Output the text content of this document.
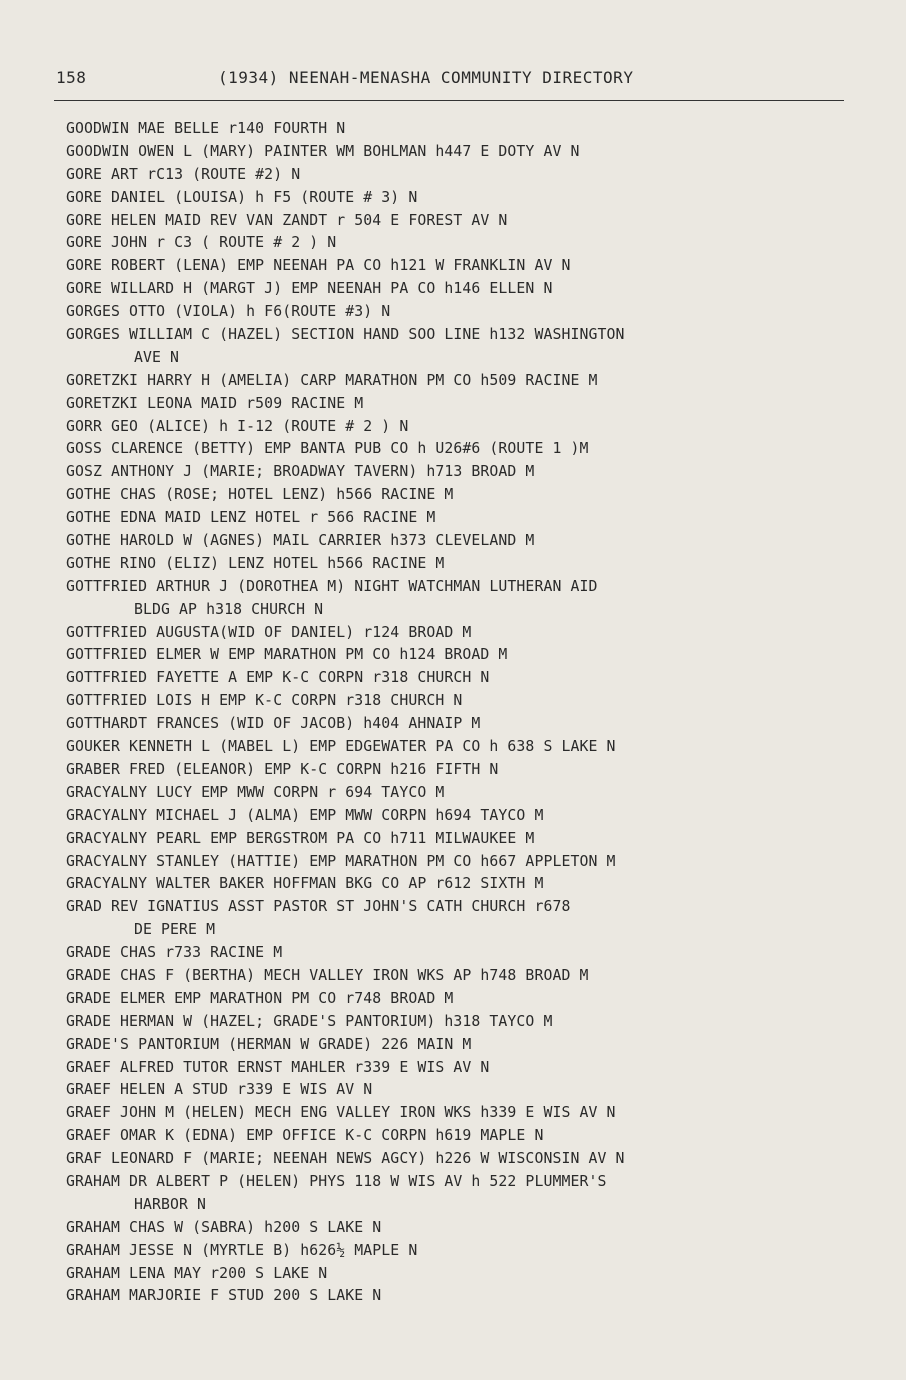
158	(1934) NEENAH-MENASHA COMMUNITY DIRECTORY
GOODWIN MAE BELLE r140 FOURTH N
GOODWIN OWEN L (MARY) PAINTER WM BOHLMAN h447 E DOTY AV N
GORE ART rC13 (ROUTE #2) N
GORE DANIEL (LOUISA) h F5 (ROUTE # 3) N
GORE HELEN MAID REV VAN ZANDT r 504 E FOREST AV N
GORE JOHN r C3 ( ROUTE # 2 ) N
GORE ROBERT (LENA) EMP NEENAH PA CO h121 W FRANKLIN AV N
GORE WILLARD H (MARGT J) EMP NEENAH PA CO h146 ELLEN N
GORGES OTTO (VIOLA) h F6(ROUTE #3) N
GORGES WILLIAM C (HAZEL) SECTION HAND SOO LINE h132 WASHINGTON
AVE N
GORETZKI HARRY H (AMELIA) CARP MARATHON PM CO h509 RACINE M
GORETZKI LEONA MAID r509 RACINE M
GORR GEO (ALICE) h I-12 (ROUTE # 2 ) N
GOSS CLARENCE (BETTY) EMP BANTA PUB CO h U26#6 (ROUTE 1 )M
GOSZ ANTHONY J (MARIE; BROADWAY TAVERN) h713 BROAD M
GOTHE CHAS (ROSE; HOTEL LENZ) h566 RACINE M
GOTHE EDNA MAID LENZ HOTEL r 566 RACINE M
GOTHE HAROLD W (AGNES) MAIL CARRIER h373 CLEVELAND M
GOTHE RINO (ELIZ) LENZ HOTEL h566 RACINE M
GOTTFRIED ARTHUR J (DOROTHEA M) NIGHT WATCHMAN LUTHERAN AID
BLDG AP h318 CHURCH N
GOTTFRIED AUGUSTA(WID OF DANIEL) r124 BROAD M
GOTTFRIED ELMER W EMP MARATHON PM CO h124 BROAD M
GOTTFRIED FAYETTE A EMP K-C CORPN r318 CHURCH N
GOTTFRIED LOIS H EMP K-C CORPN r318 CHURCH N
GOTTHARDT FRANCES (WID OF JACOB) h404 AHNAIP M
GOUKER KENNETH L (MABEL L) EMP EDGEWATER PA CO h 638 S LAKE N
GRABER FRED (ELEANOR) EMP K-C CORPN h216 FIFTH N
GRACYALNY LUCY EMP MWW CORPN r 694 TAYCO M
GRACYALNY MICHAEL J (ALMA) EMP MWW CORPN h694 TAYCO M
GRACYALNY PEARL EMP BERGSTROM PA CO h711 MILWAUKEE M
GRACYALNY STANLEY (HATTIE) EMP MARATHON PM CO h667 APPLETON M
GRACYALNY WALTER BAKER HOFFMAN BKG CO AP r612 SIXTH M
GRAD REV IGNATIUS ASST PASTOR ST JOHN'S CATH CHURCH r678
DE PERE M
GRADE CHAS r733 RACINE M
GRADE CHAS F (BERTHA) MECH VALLEY IRON WKS AP h748 BROAD M
GRADE ELMER EMP MARATHON PM CO r748 BROAD M
GRADE HERMAN W (HAZEL; GRADE'S PANTORIUM) h318 TAYCO M
GRADE'S PANTORIUM (HERMAN W GRADE) 226 MAIN M
GRAEF ALFRED TUTOR ERNST MAHLER r339 E WIS AV N
GRAEF HELEN A STUD r339 E WIS AV N
GRAEF JOHN M (HELEN) MECH ENG VALLEY IRON WKS h339 E WIS AV N
GRAEF OMAR K (EDNA) EMP OFFICE K-C CORPN h619 MAPLE N
GRAF LEONARD F (MARIE; NEENAH NEWS AGCY) h226 W WISCONSIN AV N
GRAHAM DR ALBERT P (HELEN) PHYS 118 W WIS AV h 522 PLUMMER'S
HARBOR N
GRAHAM CHAS W (SABRA) h200 S LAKE N
GRAHAM JESSE N (MYRTLE B) h626½ MAPLE N
GRAHAM LENA MAY r200 S LAKE N
GRAHAM MARJORIE F STUD 200 S LAKE N
